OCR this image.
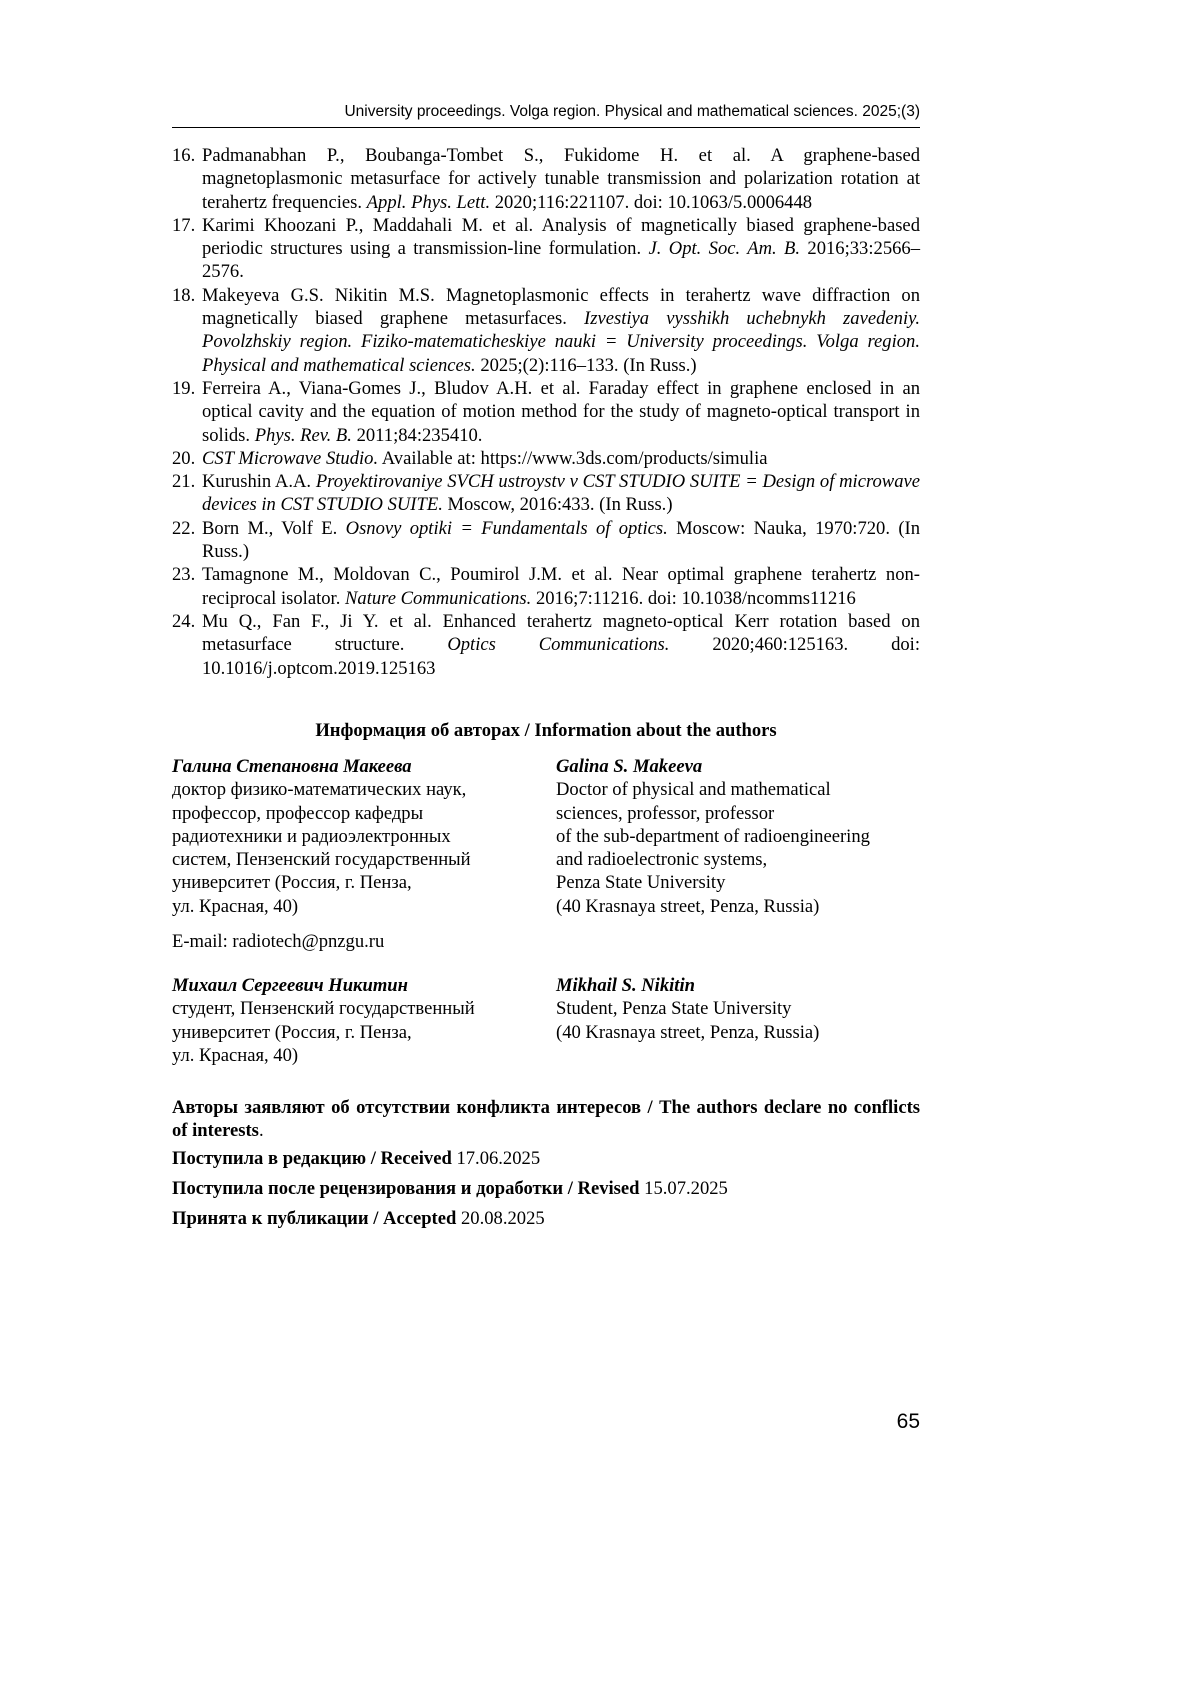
University proceedings. Volga region. Physical and mathematical sciences. 2025;(3)
16. Padmanabhan P., Boubanga-Tombet S., Fukidome H. et al. A graphene-based magnetoplasmonic metasurface for actively tunable transmission and polarization rotation at terahertz frequencies. Appl. Phys. Lett. 2020;116:221107. doi: 10.1063/5.0006448
17. Karimi Khoozani P., Maddahali M. et al. Analysis of magnetically biased graphene-based periodic structures using a transmission-line formulation. J. Opt. Soc. Am. B. 2016;33:2566–2576.
18. Makeyeva G.S. Nikitin M.S. Magnetoplasmonic effects in terahertz wave diffraction on magnetically biased graphene metasurfaces. Izvestiya vysshikh uchebnykh zavedeniy. Povolzhskiy region. Fiziko-matematicheskiye nauki = University proceedings. Volga region. Physical and mathematical sciences. 2025;(2):116–133. (In Russ.)
19. Ferreira A., Viana-Gomes J., Bludov A.H. et al. Faraday effect in graphene enclosed in an optical cavity and the equation of motion method for the study of magneto-optical transport in solids. Phys. Rev. B. 2011;84:235410.
20. CST Microwave Studio. Available at: https://www.3ds.com/products/simulia
21. Kurushin A.A. Proyektirovaniye SVCH ustroystv v CST STUDIO SUITE = Design of microwave devices in CST STUDIO SUITE. Moscow, 2016:433. (In Russ.)
22. Born M., Volf E. Osnovy optiki = Fundamentals of optics. Moscow: Nauka, 1970:720. (In Russ.)
23. Tamagnone M., Moldovan C., Poumirol J.M. et al. Near optimal graphene terahertz non-reciprocal isolator. Nature Communications. 2016;7:11216. doi: 10.1038/ncomms11216
24. Mu Q., Fan F., Ji Y. et al. Enhanced terahertz magneto-optical Kerr rotation based on metasurface structure. Optics Communications. 2020;460:125163. doi: 10.1016/j.optcom.2019.125163
Информация об авторах / Information about the authors
Галина Степановна Макеева
доктор физико-математических наук,
профессор, профессор кафедры
радиотехники и радиоэлектронных
систем, Пензенский государственный
университет (Россия, г. Пенза,
ул. Красная, 40)
Galina S. Makeeva
Doctor of physical and mathematical
sciences, professor, professor
of the sub-department of radioengineering
and radioelectronic systems,
Penza State University
(40 Krasnaya street, Penza, Russia)
E-mail: radiotech@pnzgu.ru
Михаил Сергеевич Никитин
студент, Пензенский государственный
университет (Россия, г. Пенза,
ул. Красная, 40)
Mikhail S. Nikitin
Student, Penza State University
(40 Krasnaya street, Penza, Russia)
Авторы заявляют об отсутствии конфликта интересов / The authors declare no conflicts of interests.
Поступила в редакцию / Received 17.06.2025
Поступила после рецензирования и доработки / Revised 15.07.2025
Принята к публикации / Accepted 20.08.2025
65
